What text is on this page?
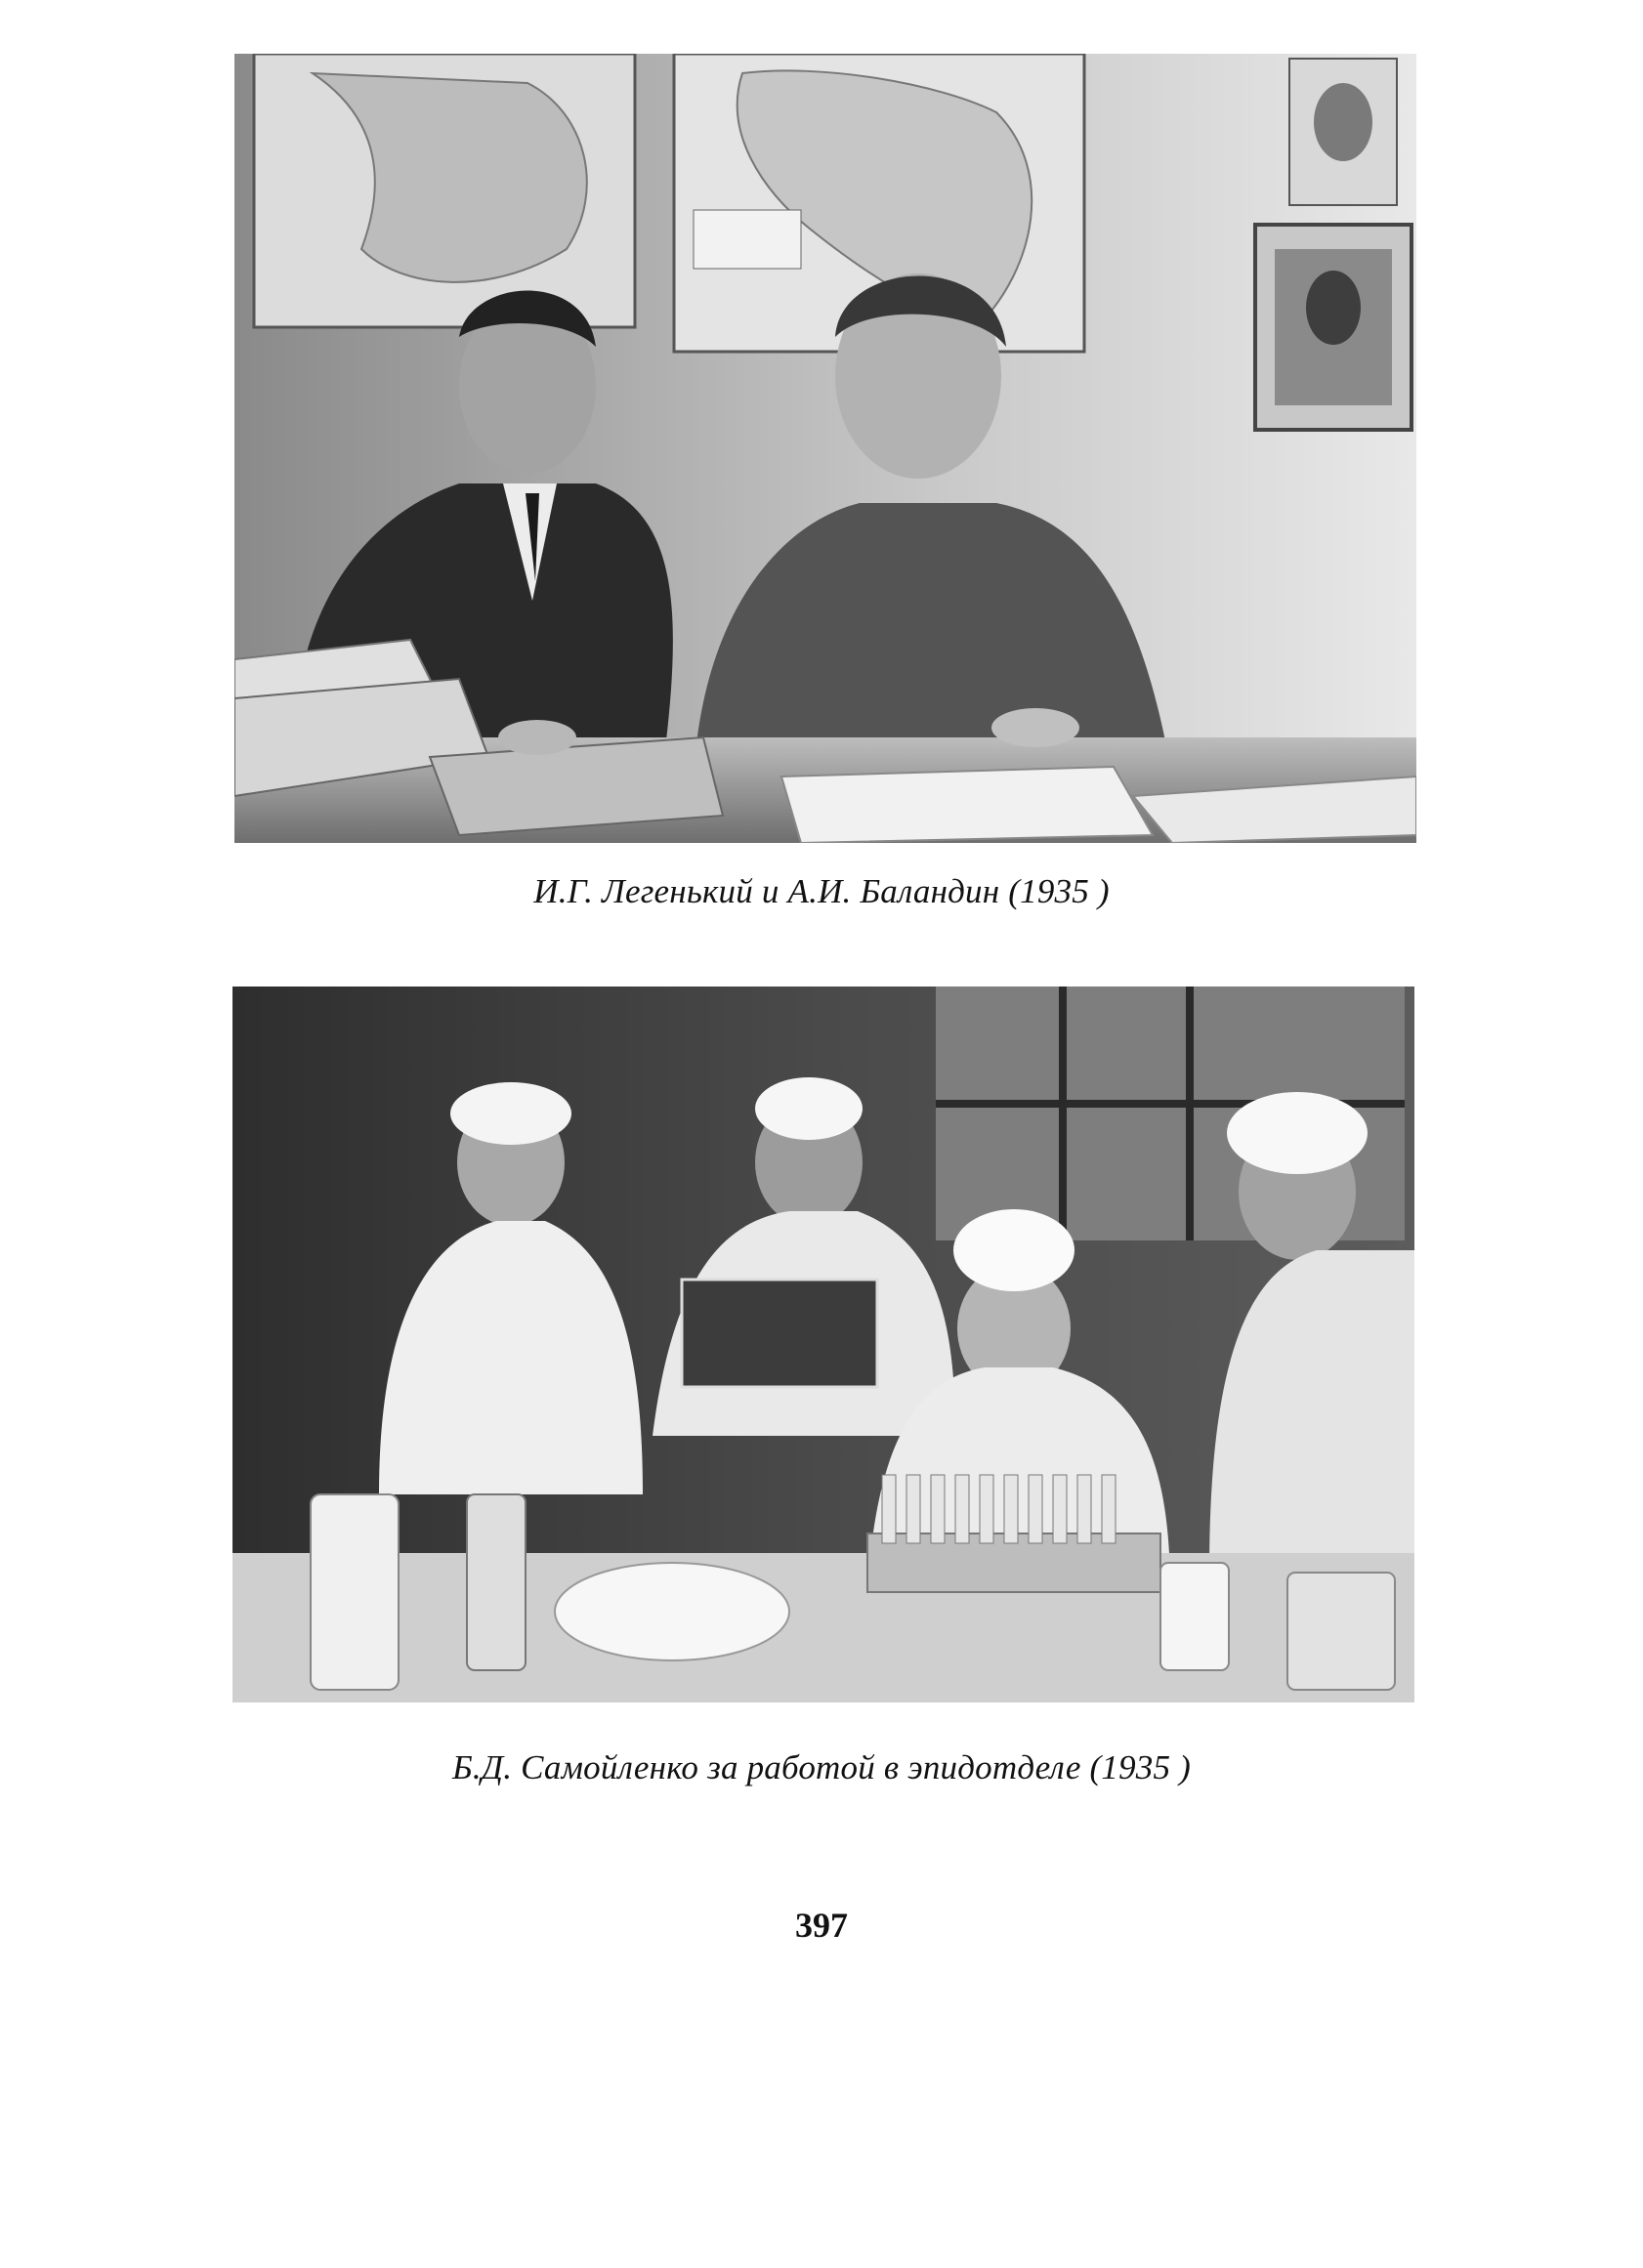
И.Г. Легенький и А.И. Баландин (1935 )
Б.Д. Самойленко за работой в эпидотделе (1935 )
397
